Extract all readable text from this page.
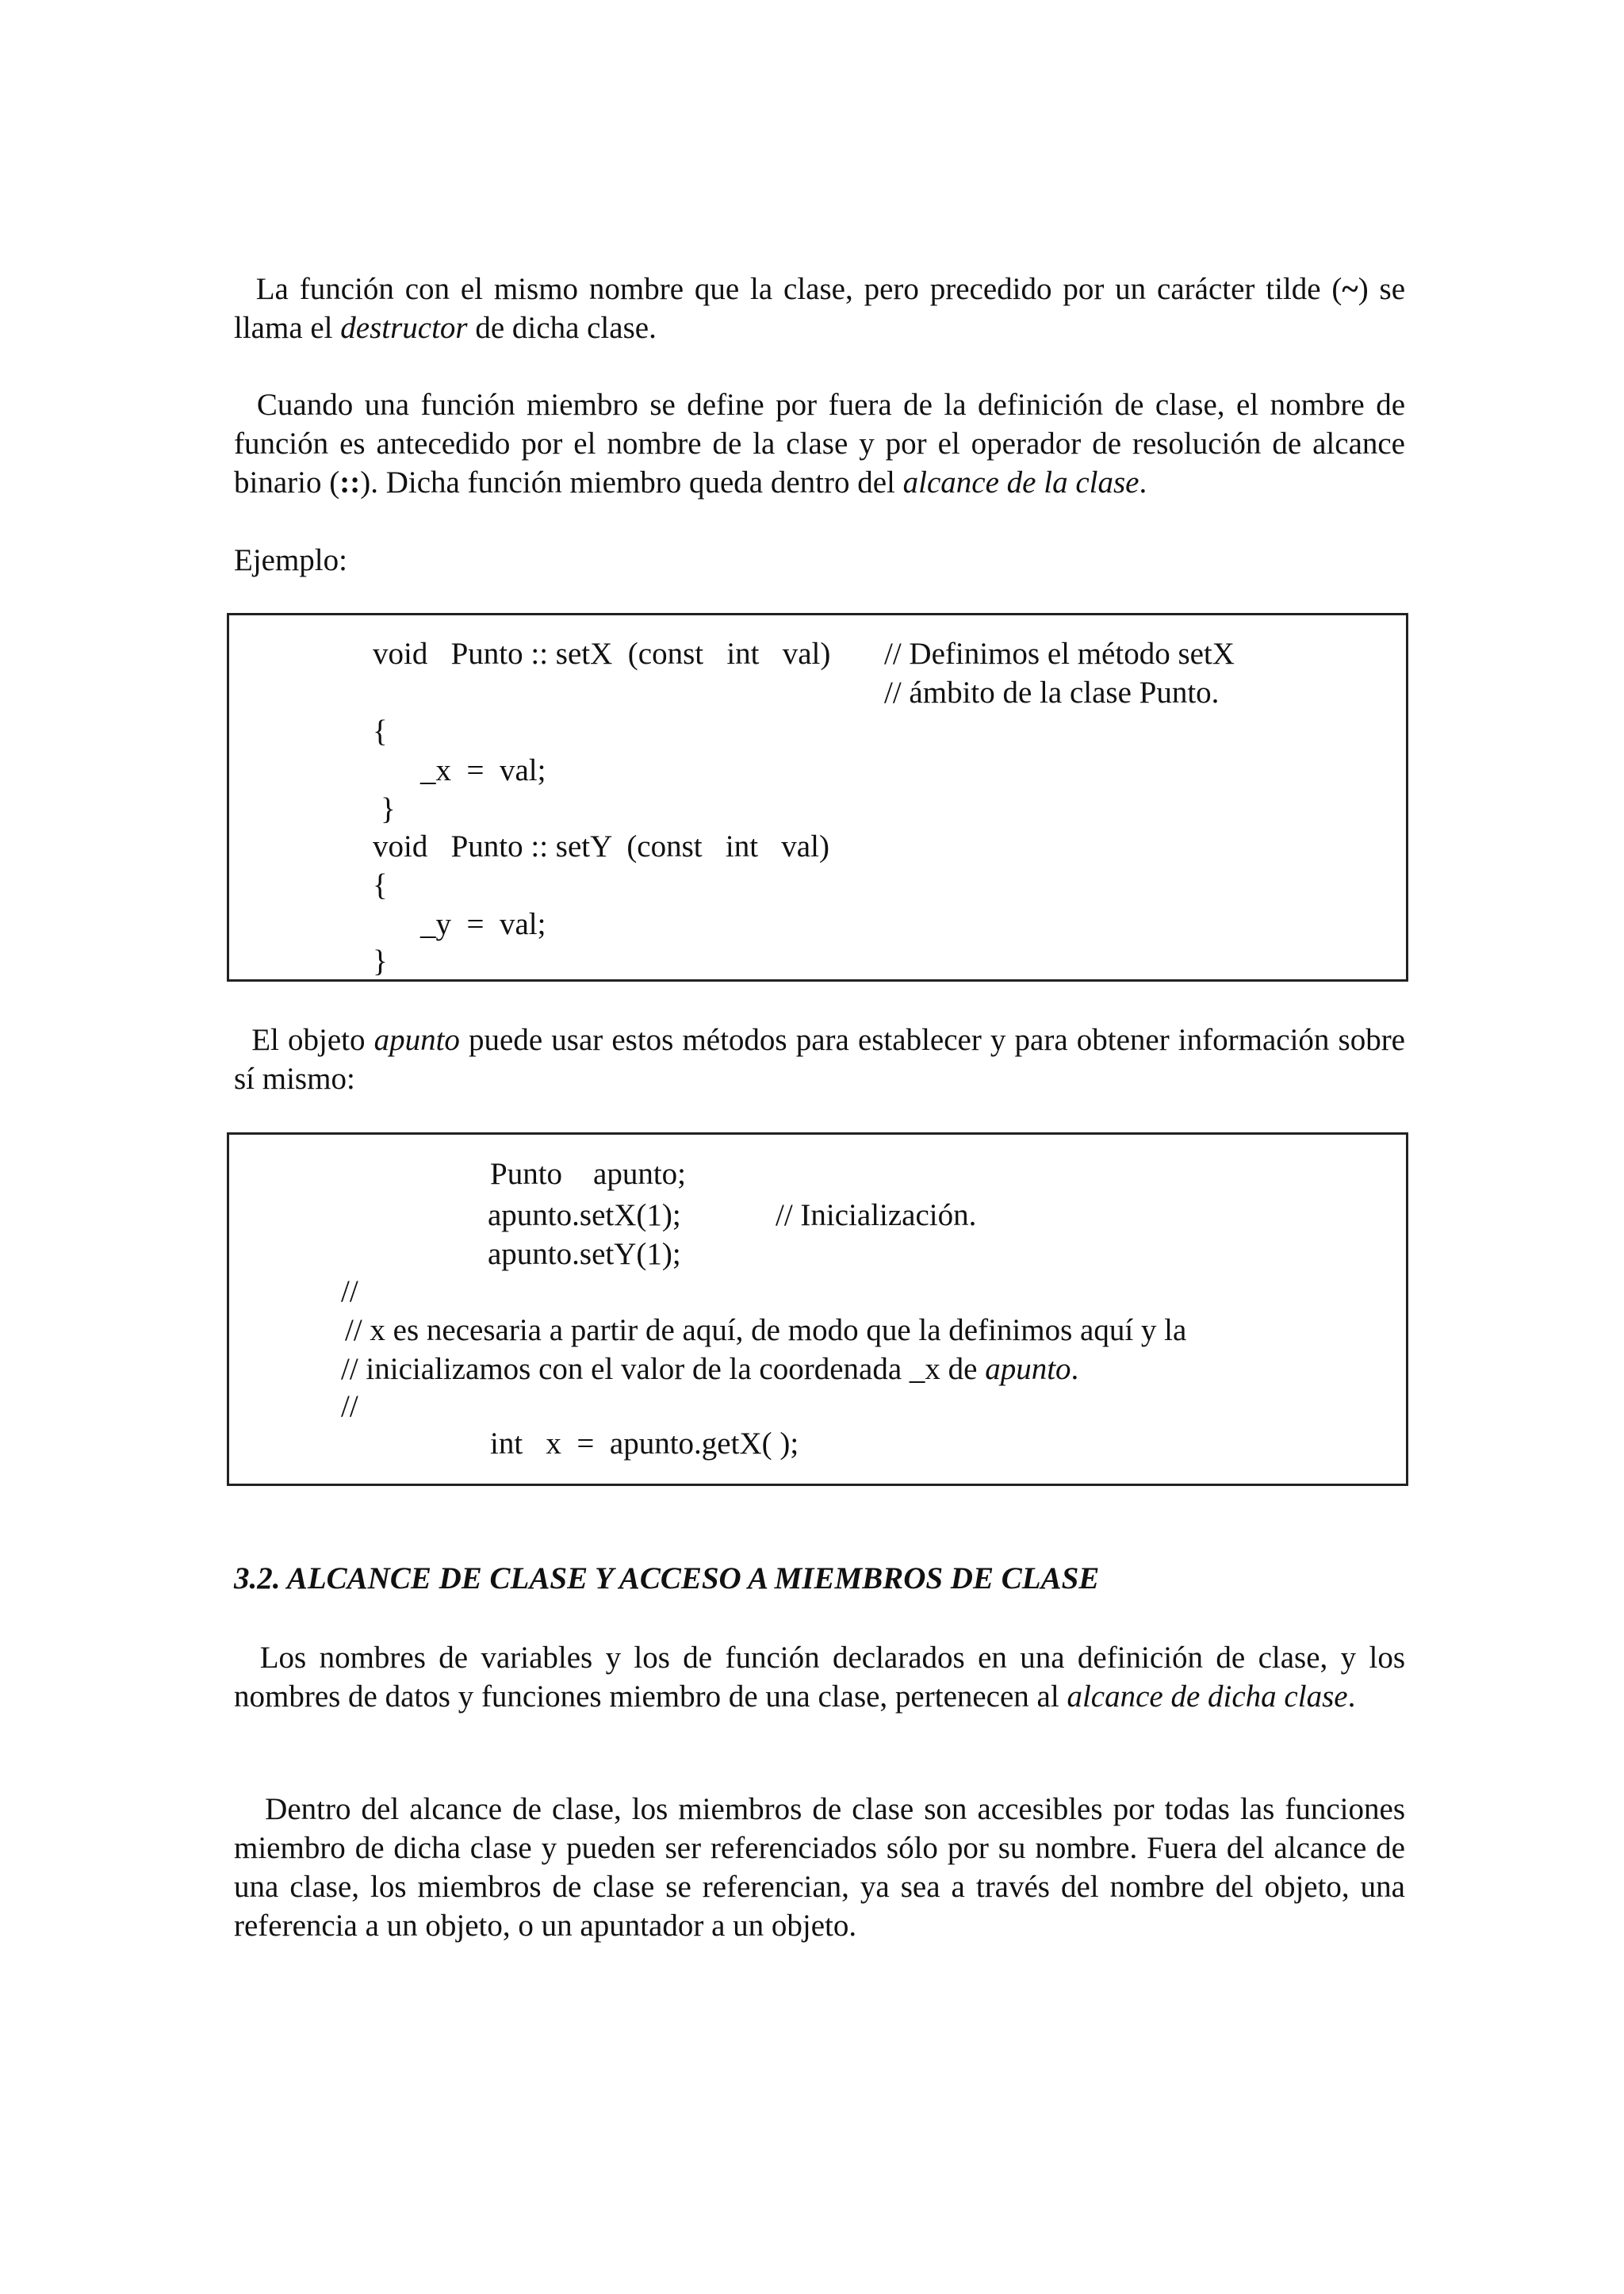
La función con el mismo nombre que la clase, pero precedido por un carácter tilde (~) se llama el destructor de dicha clase.
Cuando una función miembro se define por fuera de la definición de clase, el nombre de función es antecedido por el nombre de la clase y por el operador de resolución de alcance binario (::). Dicha función miembro queda dentro del alcance de la clase.
Ejemplo:
void   Punto :: setX  (const   int   val) // Definimos el método setX
// ámbito de la clase Punto.
{
_x  =  val;
}
void   Punto :: setY  (const   int   val)
{
_y  =  val;
}
El objeto apunto puede usar estos métodos para establecer y para obtener información sobre sí mismo:
Punto    apunto;
apunto.setX(1);	// Inicialización.
apunto.setY(1);
//
// x es necesaria a partir de aquí, de modo que la definimos aquí y la
// inicializamos con el valor de la coordenada _x de apunto.
//
int   x  =  apunto.getX( );
3.2. ALCANCE DE CLASE Y ACCESO A MIEMBROS DE CLASE
Los nombres de variables y los de función declarados en una definición de clase, y los nombres de datos y funciones miembro de una clase, pertenecen al alcance de dicha clase.
Dentro del alcance de clase, los miembros de clase son accesibles por todas las funciones miembro de dicha clase y pueden ser referenciados sólo por su nombre. Fuera del alcance de una clase, los miembros de clase se referencian, ya sea a través del nombre del objeto, una referencia a un objeto, o un apuntador a un objeto.
